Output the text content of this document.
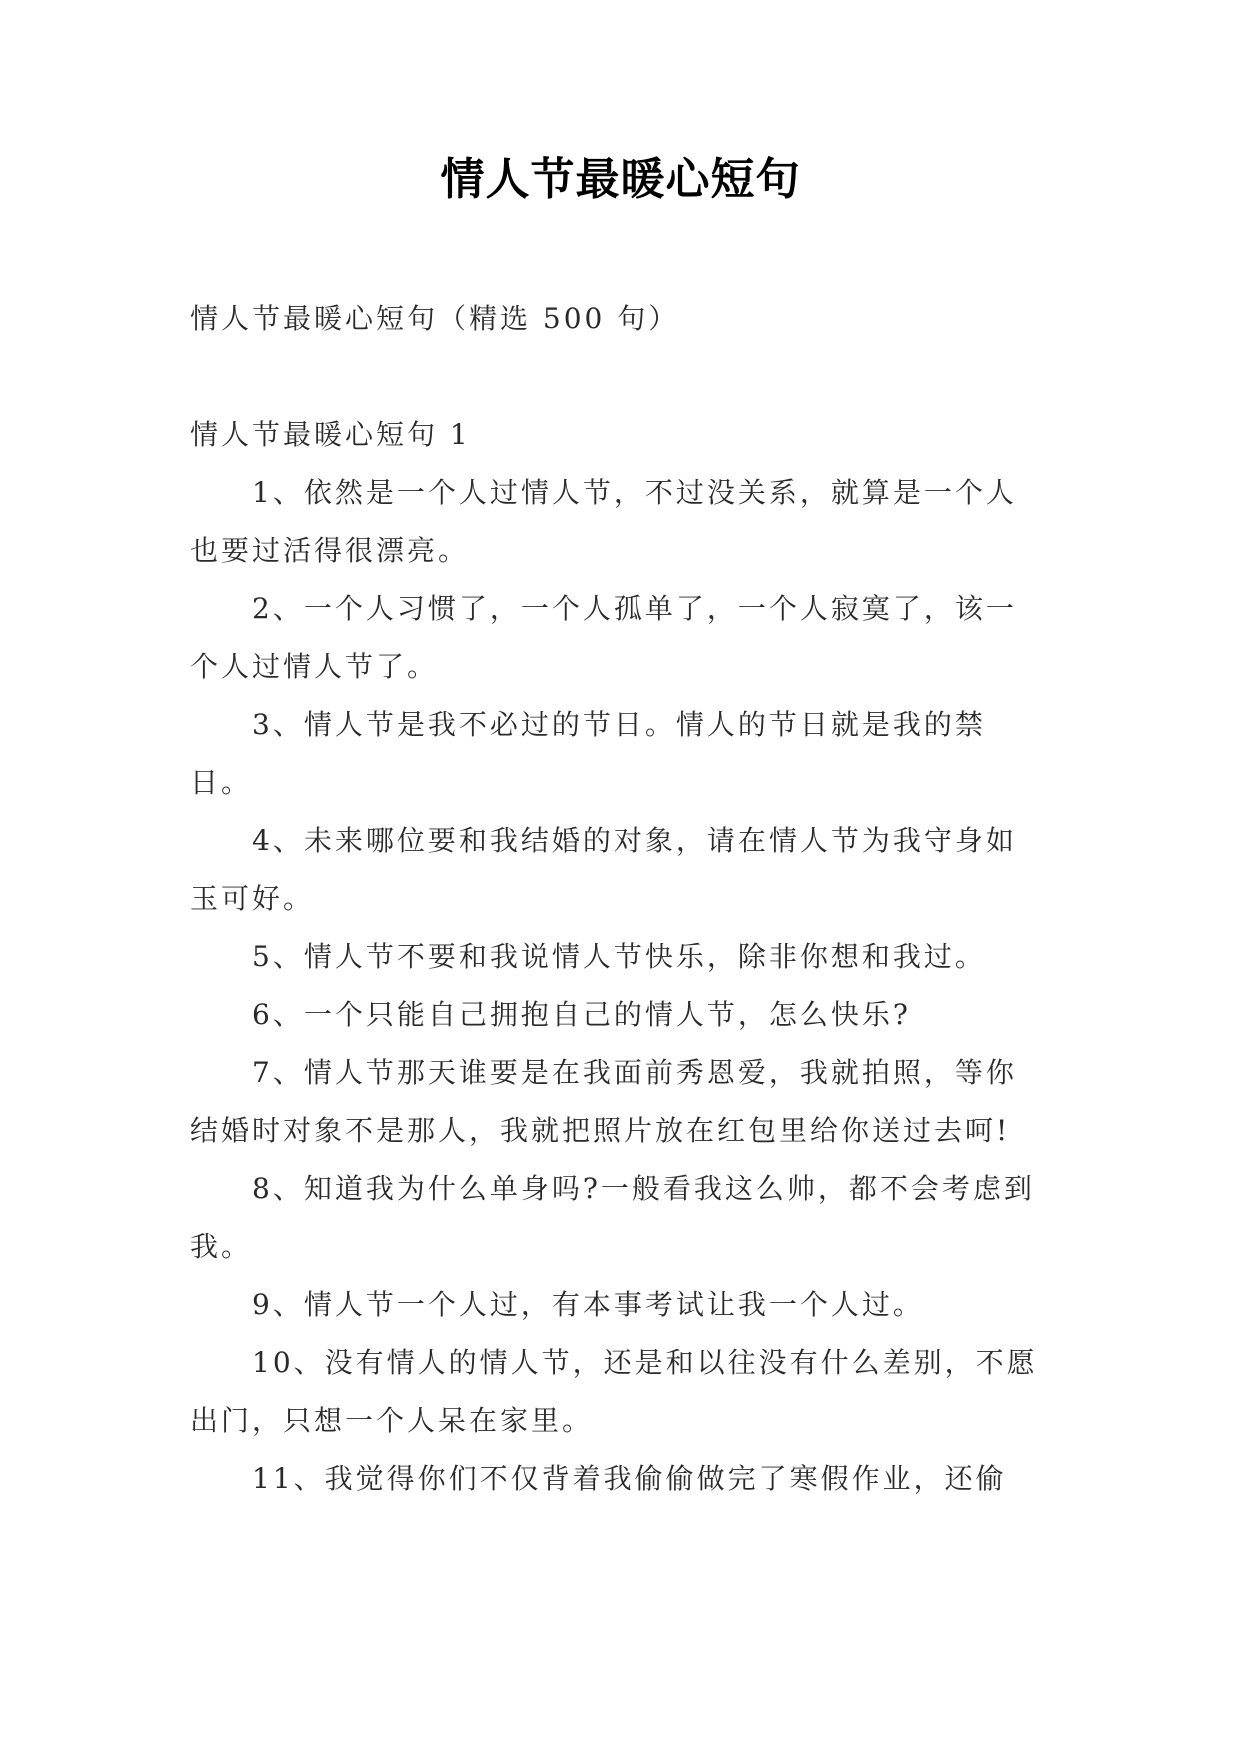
情人节最暖心短句

情人节最暖心短句（精选 500 句）

情人节最暖心短句 1

1、依然是一个人过情人节，不过没关系，就算是一个人也要过活得很漂亮。

2、一个人习惯了，一个人孤单了，一个人寂寞了，该一个人过情人节了。

3、情人节是我不必过的节日。情人的节日就是我的禁日。

4、未来哪位要和我结婚的对象，请在情人节为我守身如玉可好。

5、情人节不要和我说情人节快乐，除非你想和我过。

6、一个只能自己拥抱自己的情人节，怎么快乐?

7、情人节那天谁要是在我面前秀恩爱，我就拍照，等你结婚时对象不是那人，我就把照片放在红包里给你送过去呵!

8、知道我为什么单身吗?一般看我这么帅，都不会考虑到我。

9、情人节一个人过，有本事考试让我一个人过。

10、没有情人的情人节，还是和以往没有什么差别，不愿出门，只想一个人呆在家里。

11、我觉得你们不仅背着我偷偷做完了寒假作业，还偷
